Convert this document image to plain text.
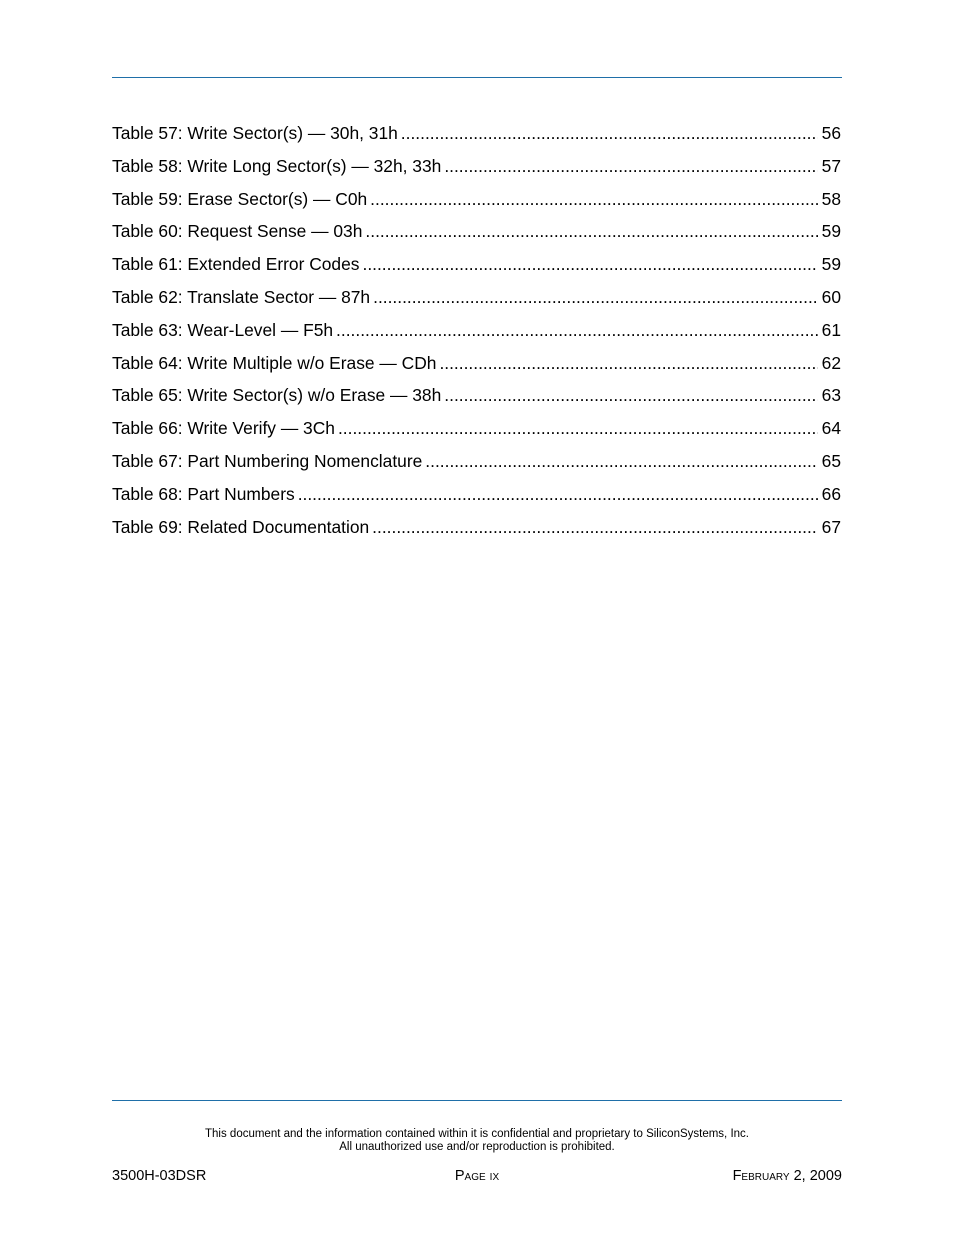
Table 57: Write Sector(s) — 30h, 31h .....	56
Table 58: Write Long Sector(s) — 32h, 33h .....	57
Table 59: Erase Sector(s) — C0h .....	58
Table 60: Request Sense — 03h .....	59
Table 61: Extended Error Codes .....	59
Table 62: Translate Sector — 87h .....	60
Table 63: Wear-Level — F5h .....	61
Table 64: Write Multiple w/o Erase — CDh .....	62
Table 65: Write Sector(s) w/o Erase — 38h .....	63
Table 66: Write Verify — 3Ch .....	64
Table 67: Part Numbering Nomenclature .....	65
Table 68: Part Numbers .....	66
Table 69: Related Documentation .....	67
This document and the information contained within it is confidential and proprietary to SiliconSystems, Inc.
All unauthorized use and/or reproduction is prohibited.
3500H-03DSR	Page ix	February 2, 2009
